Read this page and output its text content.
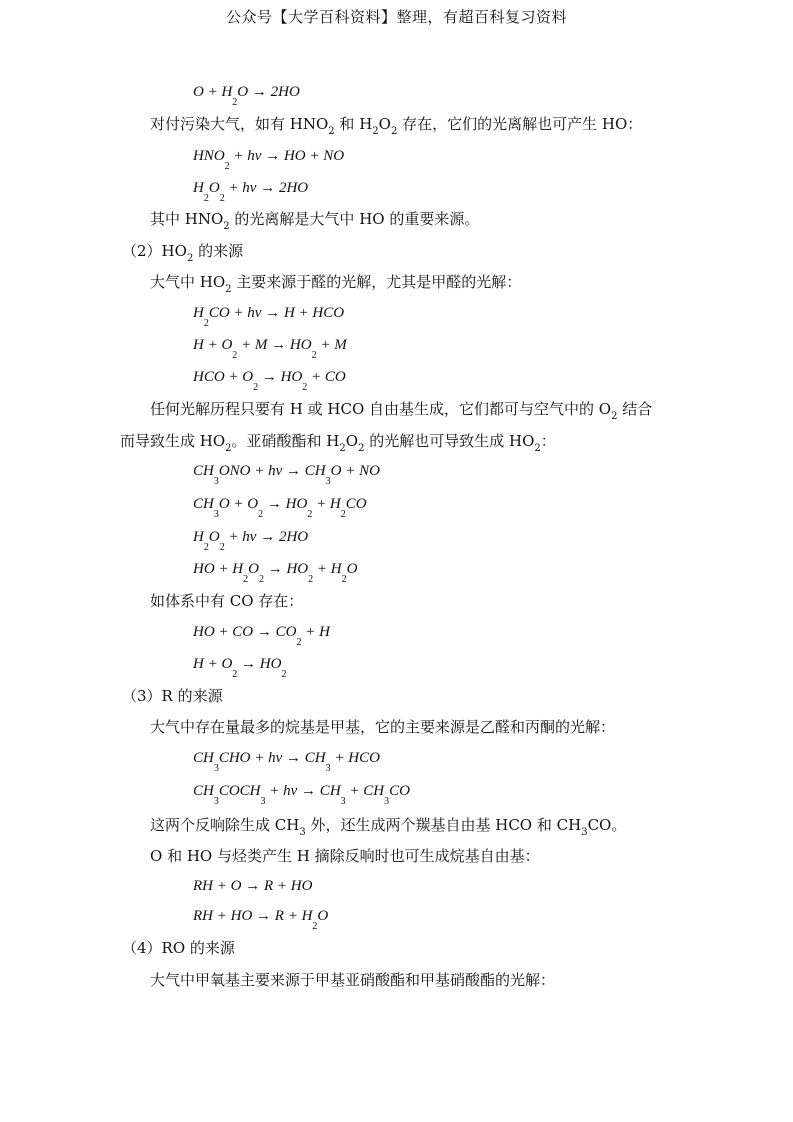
公众号【大学百科资料】整理，有超百科复习资料
$O + H_2O \to 2HO$
对付污染大气，如有 $HNO_2$ 和 $H_2O_2$ 存在，它们的光离解也可产生 HO：
$HNO_2$ + hv → HO + NO
$H_2O_2$ + hv → 2HO
其中 $HNO_2$ 的光离解是大气中 HO 的重要来源。
$(2)HO_2$ 的来源
大气中 $HO_2$ 主要来源于醛的光解，尤其是甲醛的光解：
$H_2CO$ + hv → H + HCO
$H + O_2 + M \to HO_2 + M$
HCO + $O_2 \to HO_2$ + CO
任何光解历程只要有 H 或 HCO 自由基生成，它们都可与空气中的 $O_2$ 结合
而导致生成 $HO_2$。亚硝酸酯和 $H_2O_2$ 的光解也可导致生成 $HO_2$：
$CH_3ONO$ + hv → $CH_3O$ + NO
$CH_3O + O_2 \to HO_2 + H_2CO$
$H_2O_2$ + hv → 2HO
HO + $H_2O_2 \to HO_2 + H_2O$
如体系中有 CO 存在：
HO + CO → $CO_2 + H$
$H + O_2 \to HO_2$
（3）R 的来源
大气中存在量最多的烷基是甲基，它的主要来源是乙醛和丙酮的光解：
$CH_3CHO$ + hv → $CH_3$ + HCO
$CH_3COCH_3$ + hv → $CH_3 + CH_3CO$
这两个反响除生成 $CH_3$ 外，还生成两个羰基自由基 HCO 和 $CH_3CO$。
O 和 HO 与烃类产生 H 摘除反响时也可生成烷基自由基：
RH + O → R + HO
RH + HO → $R + H_2O$
（4）RO 的来源
大气中甲氧基主要来源于甲基亚硝酸酯和甲基硝酸酯的光解：
